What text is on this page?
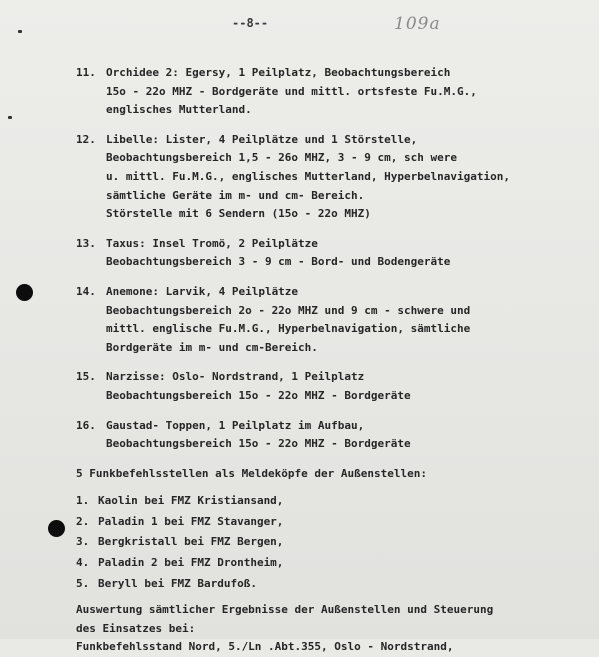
--8--	109a
11. Orchidee 2: Egersy, 1 Peilplatz, Beobachtungsbereich
15o - 22o MHZ - Bordgeräte und mittl. ortsfeste Fu.M.G.,
englisches Mutterland.
12. Libelle: Lister, 4 Peilplätze und 1 Störstelle,
Beobachtungsbereich 1,5 - 26o MHZ, 3 - 9 cm, sch were
u. mittl. Fu.M.G., englisches Mutterland, Hyperbelnavigation,
sämtliche Geräte im m- und cm- Bereich.
Störstelle mit 6 Sendern (15o - 22o MHZ)
13. Taxus: Insel Tromö, 2 Peilplätze
Beobachtungsbereich 3 - 9 cm - Bord- und Bodengeräte
14. Anemone: Larvik, 4 Peilplätze
Beobachtungsbereich 2o - 22o MHZ und 9 cm - schwere und
mittl. englische Fu.M.G., Hyperbelnavigation, sämtliche
Bordgeräte im m- und cm-Bereich.
15. Narzisse: Oslo- Nordstrand, 1 Peilplatz
Beobachtungsbereich 15o - 22o MHZ - Bordgeräte
16. Gaustad- Toppen, 1 Peilplatz im Aufbau,
Beobachtungsbereich 15o - 22o MHZ - Bordgeräte
5 Funkbefehlsstellen als Meldeköpfe der Außenstellen:
1. Kaolin bei FMZ Kristiansand,
2. Paladin 1 bei FMZ Stavanger,
3. Bergkristall bei FMZ Bergen,
4. Paladin 2 bei FMZ Drontheim,
5. Beryll bei FMZ Bardufoß.
Auswertung sämtlicher Ergebnisse der Außenstellen und Steuerung
des Einsatzes bei:
Funkbefehlsstand Nord, 5./Ln .Abt.355, Oslo - Nordstrand,
